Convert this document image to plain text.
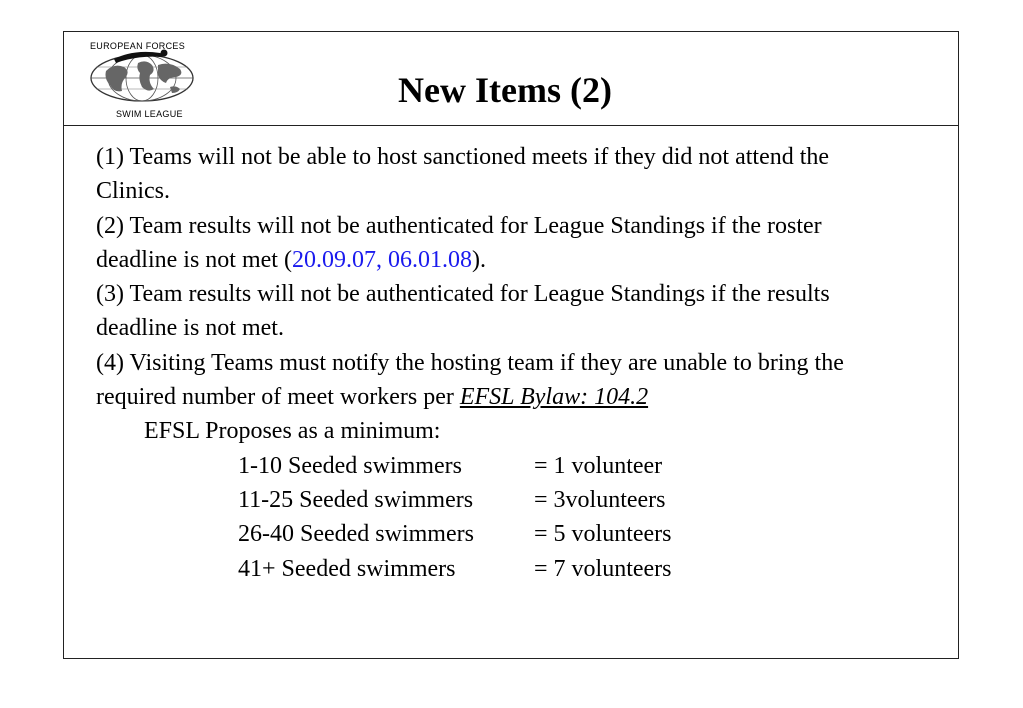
EUROPEAN FORCES
SWIM LEAGUE
New Items (2)

(1) Teams will not be able to host sanctioned meets if they did not attend the Clinics.

(2) Team results will not be authenticated for League Standings if the roster deadline is not met (20.09.07, 06.01.08).

(3) Team results will not be authenticated for League Standings if the results deadline is not met.

(4) Visiting Teams must notify the hosting team if they are unable to bring the required number of meet workers per EFSL Bylaw: 104.2

EFSL Proposes as a minimum:

1-10 Seeded swimmers	= 1 volunteer
11-25 Seeded swimmers	= 3volunteers
26-40 Seeded swimmers	= 5 volunteers
41+ Seeded swimmers	= 7 volunteers
